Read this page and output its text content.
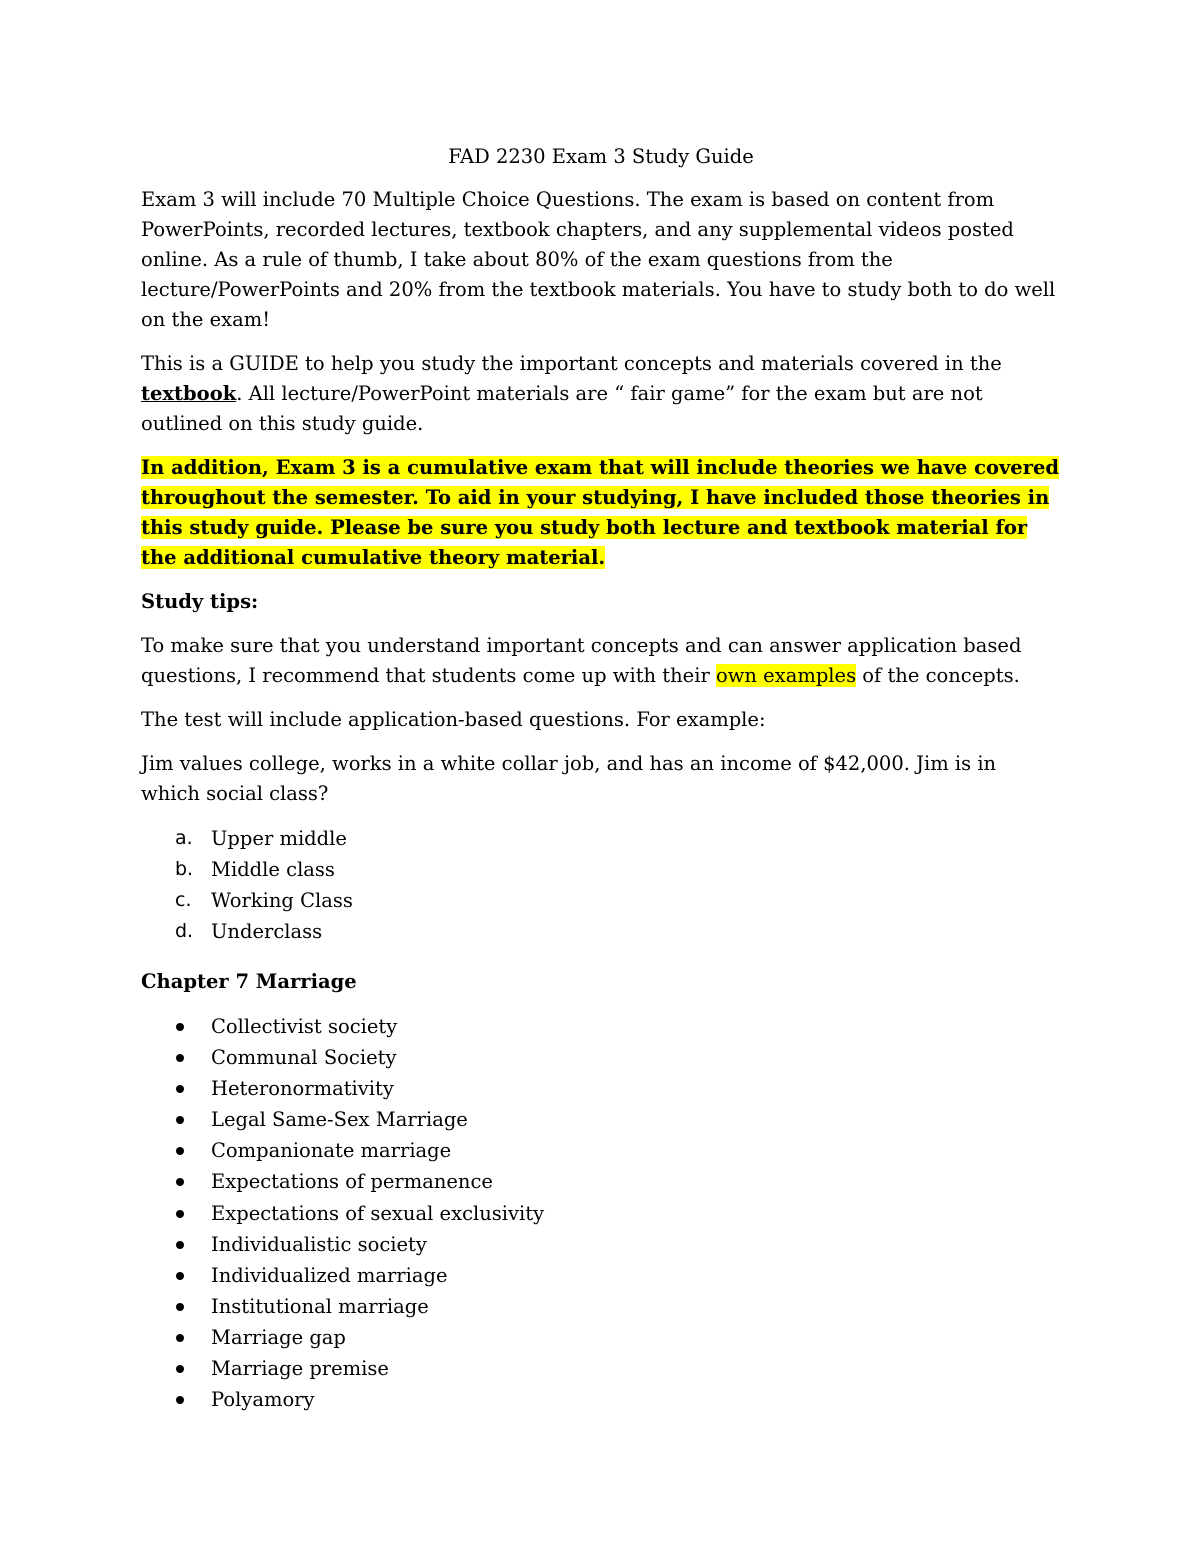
FAD 2230 Exam 3 Study Guide

Exam 3 will include 70 Multiple Choice Questions. The exam is based on content from PowerPoints, recorded lectures, textbook chapters, and any supplemental videos posted online. As a rule of thumb, I take about 80% of the exam questions from the lecture/PowerPoints and 20% from the textbook materials. You have to study both to do well on the exam!

This is a GUIDE to help you study the important concepts and materials covered in the textbook. All lecture/PowerPoint materials are “ fair game” for the exam but are not outlined on this study guide.

In addition, Exam 3 is a cumulative exam that will include theories we have covered throughout the semester. To aid in your studying, I have included those theories in this study guide. Please be sure you study both lecture and textbook material for the additional cumulative theory material.

Study tips:

To make sure that you understand important concepts and can answer application based questions, I recommend that students come up with their own examples of the concepts.

The test will include application-based questions. For example:

Jim values college, works in a white collar job, and has an income of $42,000. Jim is in which social class?

a. Upper middle
b. Middle class
c.	Working Class
d. Underclass
Chapter 7 Marriage
Collectivist society
Communal Society
Heteronormativity
Legal Same-Sex Marriage
Companionate marriage
Expectations of permanence
Expectations of sexual exclusivity
Individualistic society
Individualized marriage
Institutional marriage
Marriage gap
Marriage premise
Polyamory
